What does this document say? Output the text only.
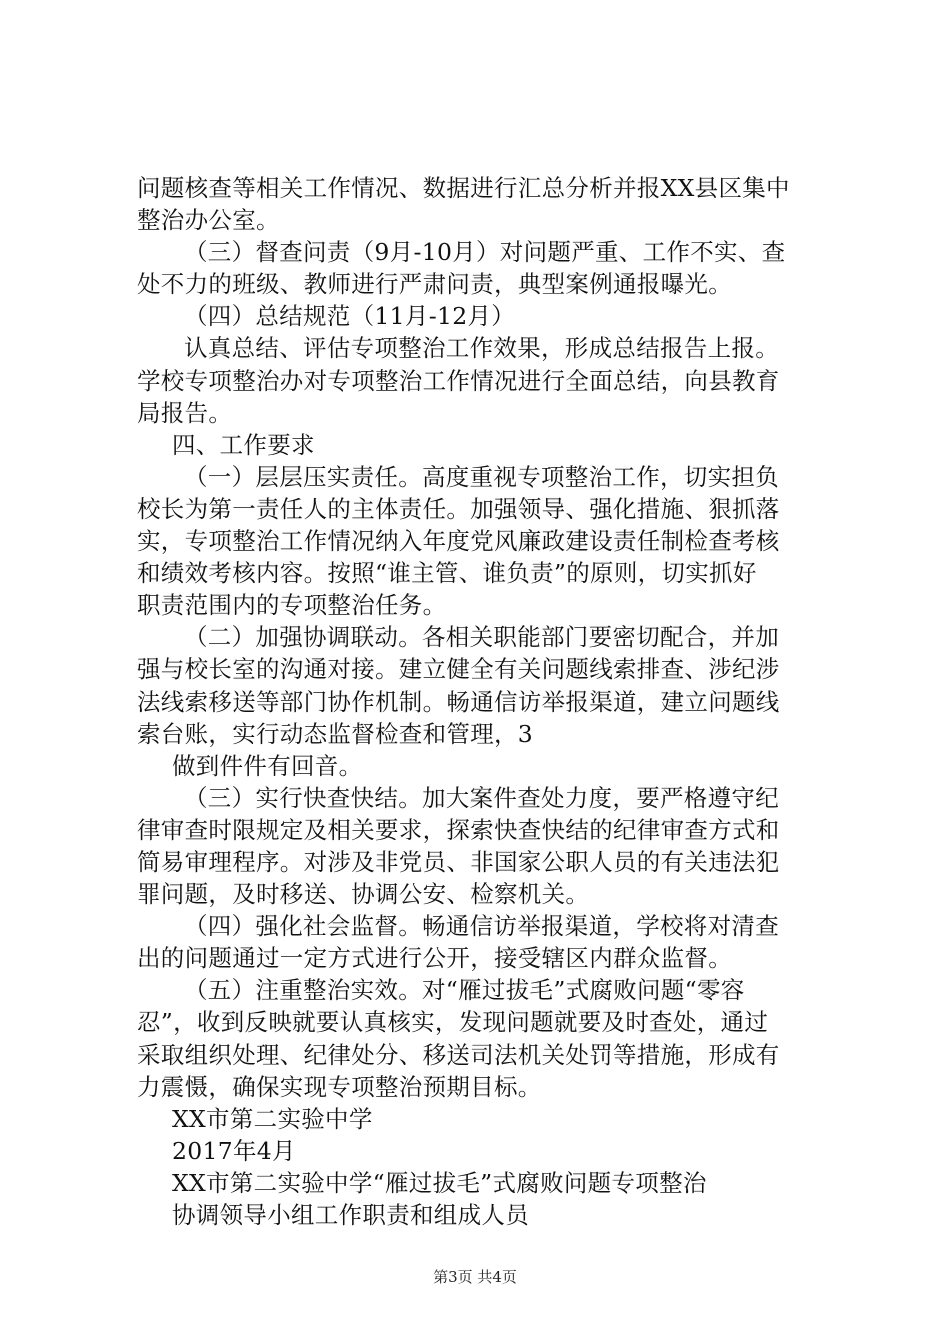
问题核查等相关工作情况、数据进行汇总分析并报XX县区集中
整治办公室。
（三）督查问责（9月-10月）对问题严重、工作不实、查
处不力的班级、教师进行严肃问责，典型案例通报曝光。
（四）总结规范（11月-12月）
认真总结、评估专项整治工作效果，形成总结报告上报。
学校专项整治办对专项整治工作情况进行全面总结，向县教育
局报告。
四、工作要求
（一）层层压实责任。高度重视专项整治工作，切实担负
校长为第一责任人的主体责任。加强领导、强化措施、狠抓落
实，专项整治工作情况纳入年度党风廉政建设责任制检查考核
和绩效考核内容。按照“谁主管、谁负责”的原则，切实抓好
职责范围内的专项整治任务。
（二）加强协调联动。各相关职能部门要密切配合，并加
强与校长室的沟通对接。建立健全有关问题线索排查、涉纪涉
法线索移送等部门协作机制。畅通信访举报渠道，建立问题线
索台账，实行动态监督检查和管理，3
做到件件有回音。
（三）实行快查快结。加大案件查处力度，要严格遵守纪
律审查时限规定及相关要求，探索快查快结的纪律审查方式和
简易审理程序。对涉及非党员、非国家公职人员的有关违法犯
罪问题，及时移送、协调公安、检察机关。
（四）强化社会监督。畅通信访举报渠道，学校将对清查
出的问题通过一定方式进行公开，接受辖区内群众监督。
（五）注重整治实效。对“雁过拔毛”式腐败问题“零容
忍”，收到反映就要认真核实，发现问题就要及时查处，通过
采取组织处理、纪律处分、移送司法机关处罚等措施，形成有
力震慑，确保实现专项整治预期目标。
XX市第二实验中学
2017年4月
XX市第二实验中学“雁过拔毛”式腐败问题专项整治
协调领导小组工作职责和组成人员
第3页 共4页
